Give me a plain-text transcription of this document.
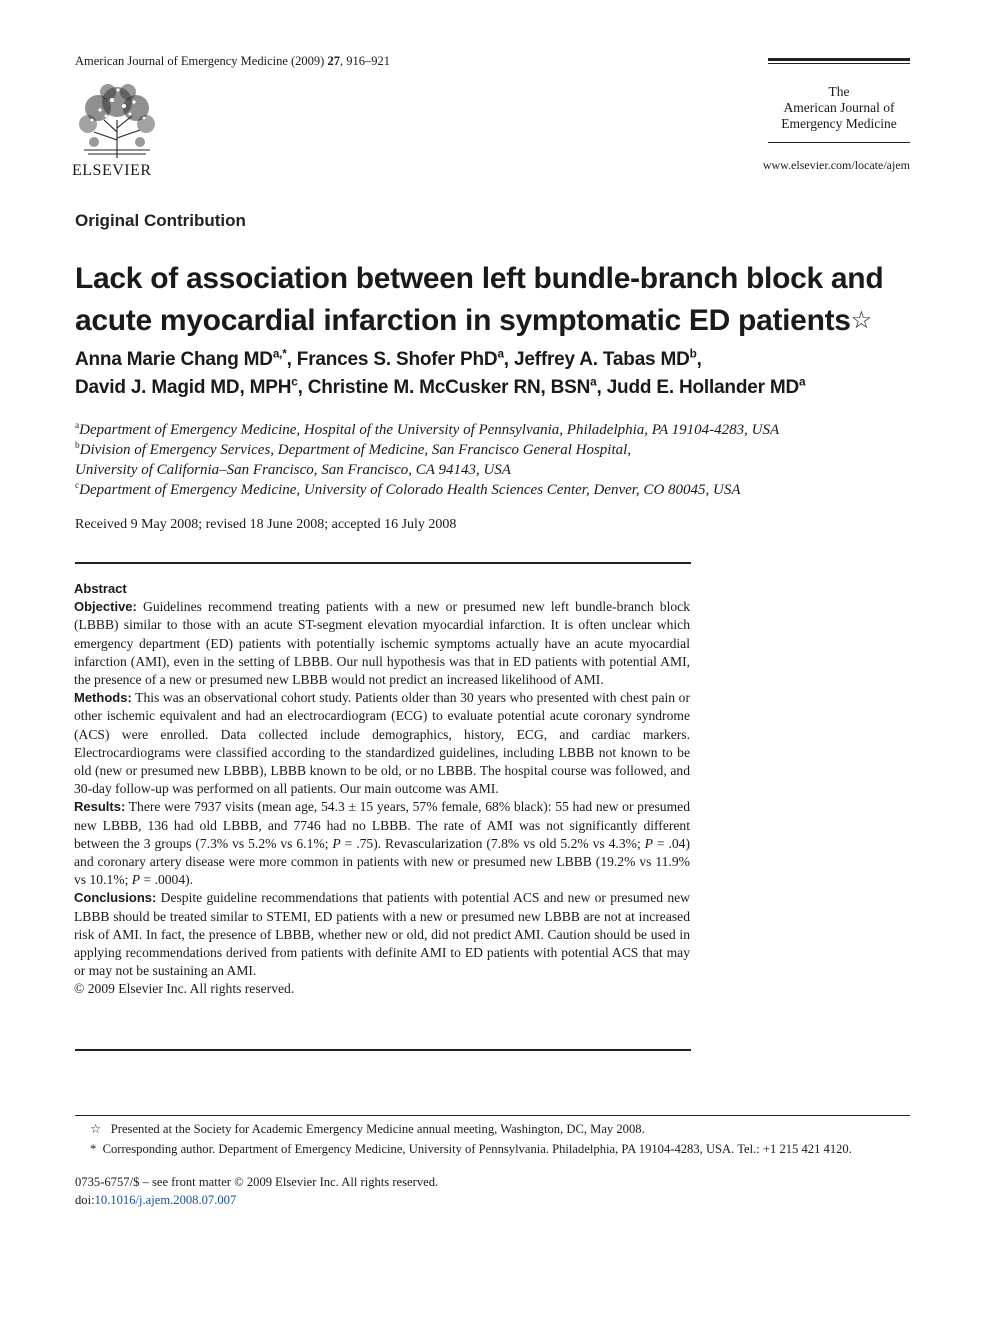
American Journal of Emergency Medicine (2009) 27, 916–921
ELSEVIER
The
American Journal of
Emergency Medicine
www.elsevier.com/locate/ajem
Original Contribution
Lack of association between left bundle-branch block and acute myocardial infarction in symptomatic ED patients☆
Anna Marie Chang $MD^{a,*}$, Frances S. Shofer PhD$^a$, Jeffrey A. Tabas $MD^b$,
David J. Magid MD, MPH$^c$, Christine M. McCusker RN, BSN$^a$, Judd E. Hollander $MD^a$
$^a$Department of Emergency Medicine, Hospital of the University of Pennsylvania, Philadelphia, PA 19104-4283, USA
$^b$Division of Emergency Services, Department of Medicine, San Francisco General Hospital,
University of California–San Francisco, San Francisco, CA 94143, USA
$^c$Department of Emergency Medicine, University of Colorado Health Sciences Center, Denver, CO 80045, USA
Received 9 May 2008; revised 18 June 2008; accepted 16 July 2008

Abstract

Objective: Guidelines recommend treating patients with a new or presumed new left bundle-branch block (LBBB) similar to those with an acute ST-segment elevation myocardial infarction. It is often unclear which emergency department (ED) patients with potentially ischemic symptoms actually have an acute myocardial infarction (AMI), even in the setting of LBBB. Our null hypothesis was that in ED patients with potential AMI, the presence of a new or presumed new LBBB would not predict an increased likelihood of AMI.

Methods: This was an observational cohort study. Patients older than 30 years who presented with chest pain or other ischemic equivalent and had an electrocardiogram (ECG) to evaluate potential acute coronary syndrome (ACS) were enrolled. Data collected include demographics, history, ECG, and cardiac markers. Electrocardiograms were classified according to the standardized guidelines, including LBBB not known to be old (new or presumed new LBBB), LBBB known to be old, or no LBBB. The hospital course was followed, and 30-day follow-up was performed on all patients. Our main outcome was AMI.

Results: There were 7937 visits (mean age, 54.3 ± 15 years, 57% female, 68% black): 55 had new or presumed new LBBB, 136 had old LBBB, and 7746 had no LBBB. The rate of AMI was not significantly different between the 3 groups (7.3% vs 5.2% vs 6.1%; P = .75). Revascularization (7.8% vs old 5.2% vs 4.3%; P = .04) and coronary artery disease were more common in patients with new or presumed new LBBB (19.2% vs 11.9% vs 10.1%; P = .0004).

Conclusions: Despite guideline recommendations that patients with potential ACS and new or presumed new LBBB should be treated similar to STEMI, ED patients with a new or presumed new LBBB are not at increased risk of AMI. In fact, the presence of LBBB, whether new or old, did not predict AMI. Caution should be used in applying recommendations derived from patients with definite AMI to ED patients with potential ACS that may or may not be sustaining an AMI.

© 2009 Elsevier Inc. All rights reserved.

☆ Presented at the Society for Academic Emergency Medicine annual meeting, Washington, DC, May 2008.
* Corresponding author. Department of Emergency Medicine, University of Pennsylvania. Philadelphia, PA 19104-4283, USA. Tel.: +1 215 421 4120.
0735-6757/$ – see front matter © 2009 Elsevier Inc. All rights reserved.
doi:10.1016/j.ajem.2008.07.007
